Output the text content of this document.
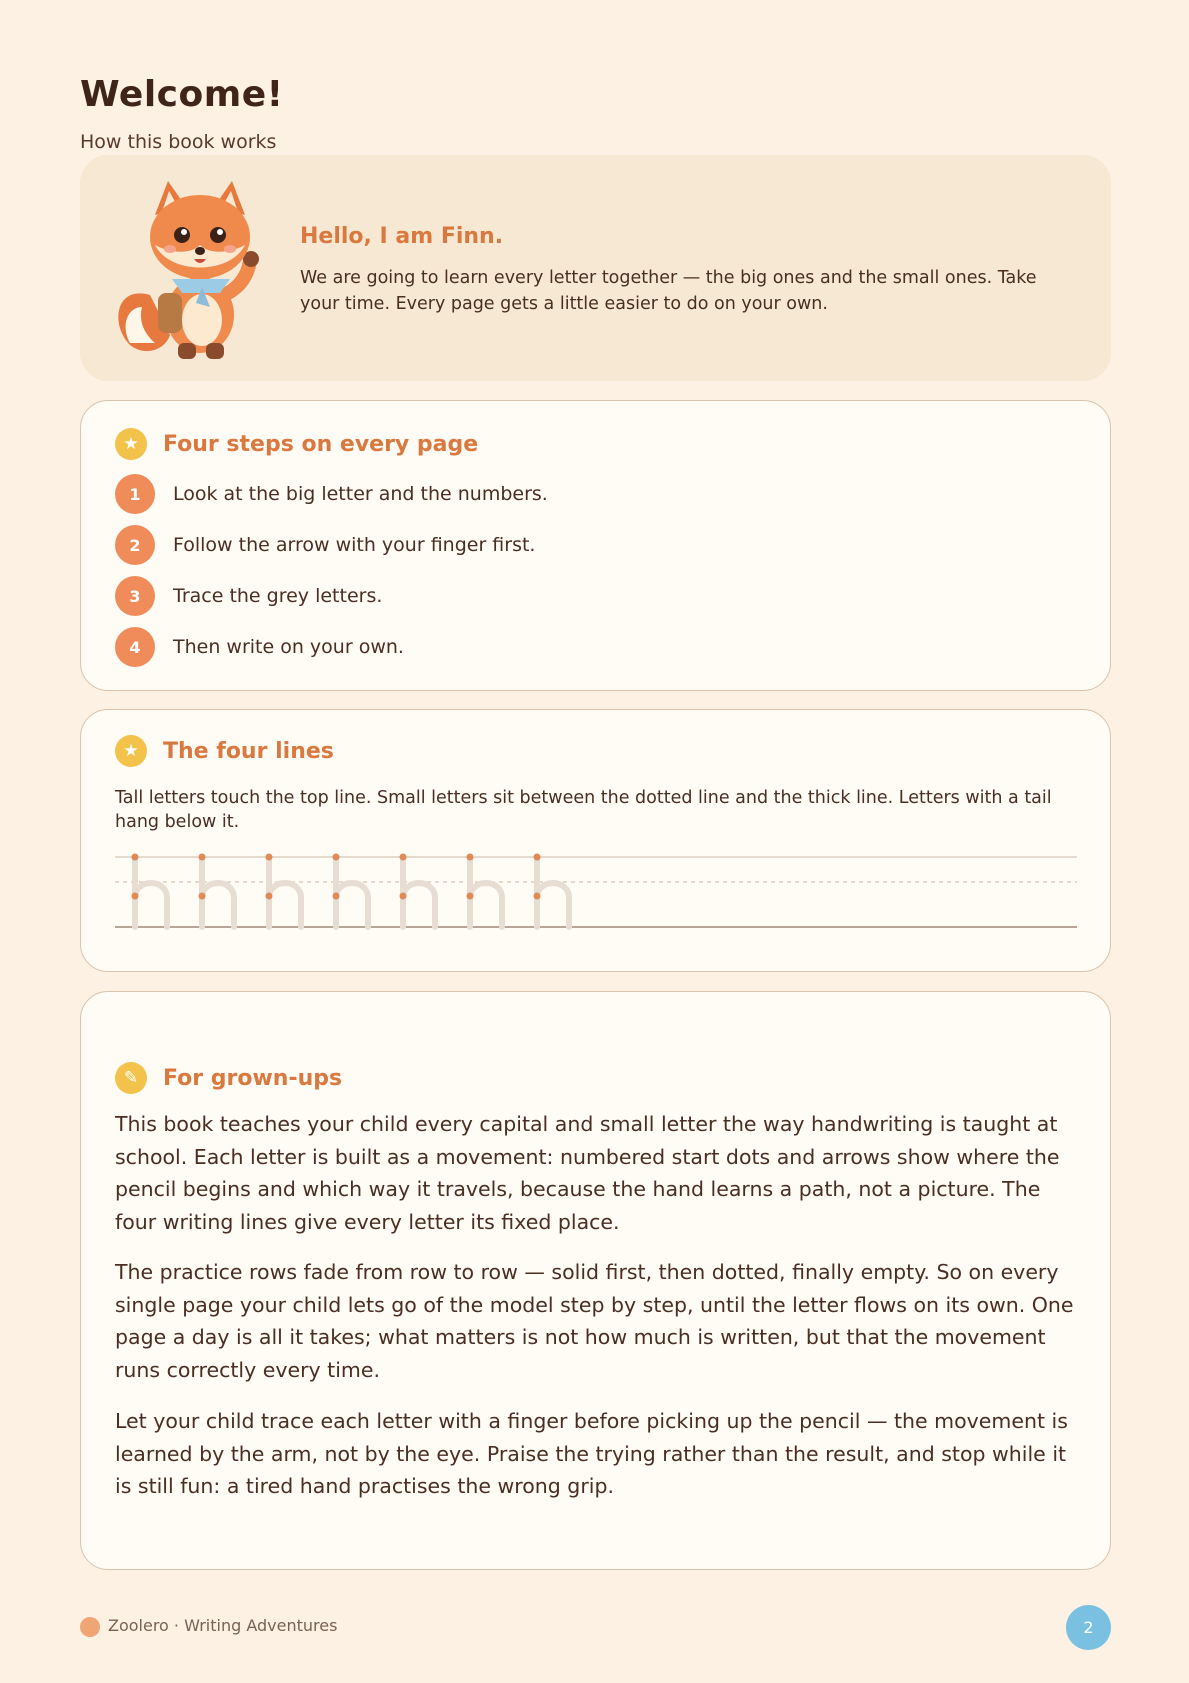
Welcome!

How this book works

Hello, I am Finn.

We are going to learn every letter together — the big ones and the small ones. Take your time. Every page gets a little easier to do on your own.

★	Four steps on every page
1	Look at the big letter and the numbers.
2	Follow the arrow with your finger first.
3	Trace the grey letters.
4	Then write on your own.
★	The four lines

Tall letters touch the top line. Small letters sit between the dotted line and the thick line. Letters with a tail hang below it.

✎	For grown-ups

This book teaches your child every capital and small letter the way handwriting is taught at school. Each letter is built as a movement: numbered start dots and arrows show where the pencil begins and which way it travels, because the hand learns a path, not a picture. The four writing lines give every letter its fixed place.

The practice rows fade from row to row — solid first, then dotted, finally empty. So on every single page your child lets go of the model step by step, until the letter flows on its own. One page a day is all it takes; what matters is not how much is written, but that the movement runs correctly every time.

Let your child trace each letter with a finger before picking up the pencil — the movement is learned by the arm, not by the eye. Praise the trying rather than the result, and stop while it is still fun: a tired hand practises the wrong grip.

Zoolero · Writing Adventures	2
